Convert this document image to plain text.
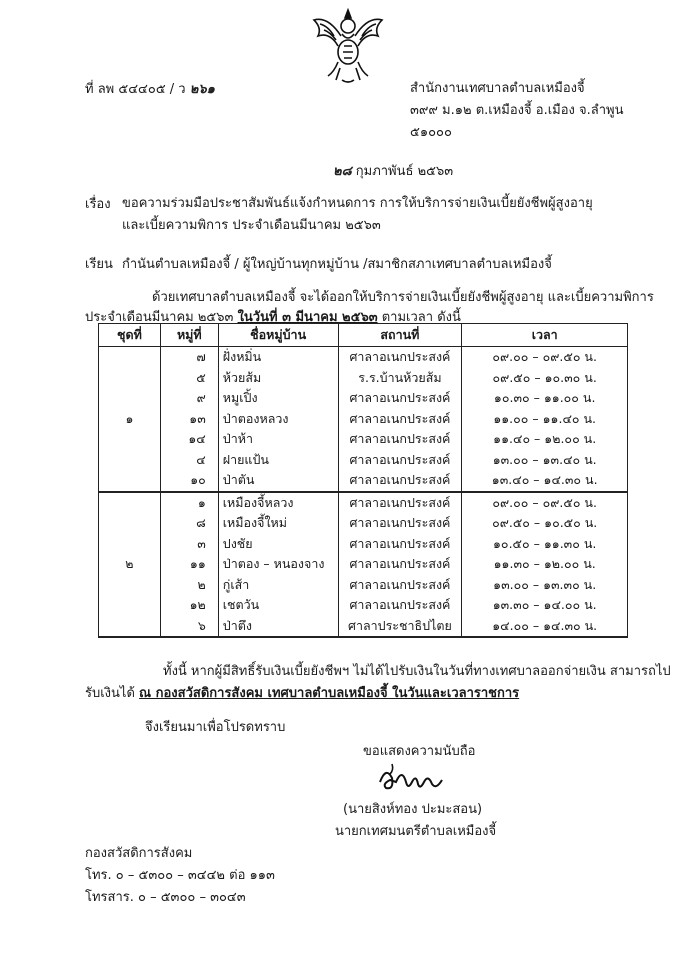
ที่ ลพ ๕๔๔๐๕ / ว ๒๖๑	สำนักงานเทศบาลตำบลเหมืองจี้
๓๙๙ ม.๑๒ ต.เหมืองจี้ อ.เมือง จ.ลำพูน
๕๑๐๐๐
๒๘ กุมภาพันธ์ ๒๕๖๓
เรื่อง ขอความร่วมมือประชาสัมพันธ์แจ้งกำหนดการ การให้บริการจ่ายเงินเบี้ยยังชีพผู้สูงอายุ
และเบี้ยความพิการ ประจำเดือนมีนาคม ๒๕๖๓
เรียน กำนันตำบลเหมืองจี้ / ผู้ใหญ่บ้านทุกหมู่บ้าน /สมาชิกสภาเทศบาลตำบลเหมืองจี้
ด้วยเทศบาลตำบลเหมืองจี้ จะได้ออกให้บริการจ่ายเงินเบี้ยยังชีพผู้สูงอายุ และเบี้ยความพิการ
ประจำเดือนมีนาคม ๒๕๖๓ ในวันที่ ๓ มีนาคม ๒๕๖๓ ตามเวลา ดังนี้
ชุดที่	หมู่ที่	ชื่อหมู่บ้าน	สถานที่	เวลา
๑	๗	ฝั่งหมิ่น	ศาลาอเนกประสงค์	๐๙.๐๐ – ๐๙.๕๐ น.
	๕	ห้วยส้ม	ร.ร.บ้านห้วยส้ม	๐๙.๕๐ – ๑๐.๓๐ น.
	๙	หมูเปิ้ง	ศาลาอเนกประสงค์	๑๐.๓๐ – ๑๑.๐๐ น.
	๑๓	ป่าตองหลวง	ศาลาอเนกประสงค์	๑๑.๐๐ – ๑๑.๔๐ น.
	๑๔	ป่าห้า	ศาลาอเนกประสงค์	๑๑.๔๐ – ๑๒.๐๐ น.
	๔	ฝายแป้น	ศาลาอเนกประสงค์	๑๓.๐๐ – ๑๓.๔๐ น.
	๑๐	ป่าตัน	ศาลาอเนกประสงค์	๑๓.๔๐ – ๑๔.๓๐ น.
๒	๑	เหมืองจี้หลวง	ศาลาอเนกประสงค์	๐๙.๐๐ – ๐๙.๕๐ น.
	๘	เหมืองจี้ใหม่	ศาลาอเนกประสงค์	๐๙.๕๐ – ๑๐.๕๐ น.
	๓	ปงชัย	ศาลาอเนกประสงค์	๑๐.๕๐ – ๑๑.๓๐ น.
	๑๑	ป่าตอง – หนองจาง	ศาลาอเนกประสงค์	๑๑.๓๐ – ๑๒.๐๐ น.
	๒	กู่เส้า	ศาลาอเนกประสงค์	๑๓.๐๐ – ๑๓.๓๐ น.
	๑๒	เชตวัน	ศาลาอเนกประสงค์	๑๓.๓๐ – ๑๔.๐๐ น.
	๖	ป่าตึง	ศาลาประชาธิปไตย	๑๔.๐๐ – ๑๔.๓๐ น.
ทั้งนี้ หากผู้มีสิทธิ์รับเงินเบี้ยยังชีพฯ ไม่ได้ไปรับเงินในวันที่ทางเทศบาลออกจ่ายเงิน สามารถไป
รับเงินได้ ณ กองสวัสดิการสังคม เทศบาลตำบลเหมืองจี้ ในวันและเวลาราชการ
จึงเรียนมาเพื่อโปรดทราบ
ขอแสดงความนับถือ
(นายสิงห์ทอง ปะมะสอน)
นายกเทศมนตรีตำบลเหมืองจี้
กองสวัสดิการสังคม
โทร. ๐ – ๕๓๐๐ – ๓๔๔๒ ต่อ ๑๑๓
โทรสาร. ๐ – ๕๓๐๐ – ๓๐๔๓
